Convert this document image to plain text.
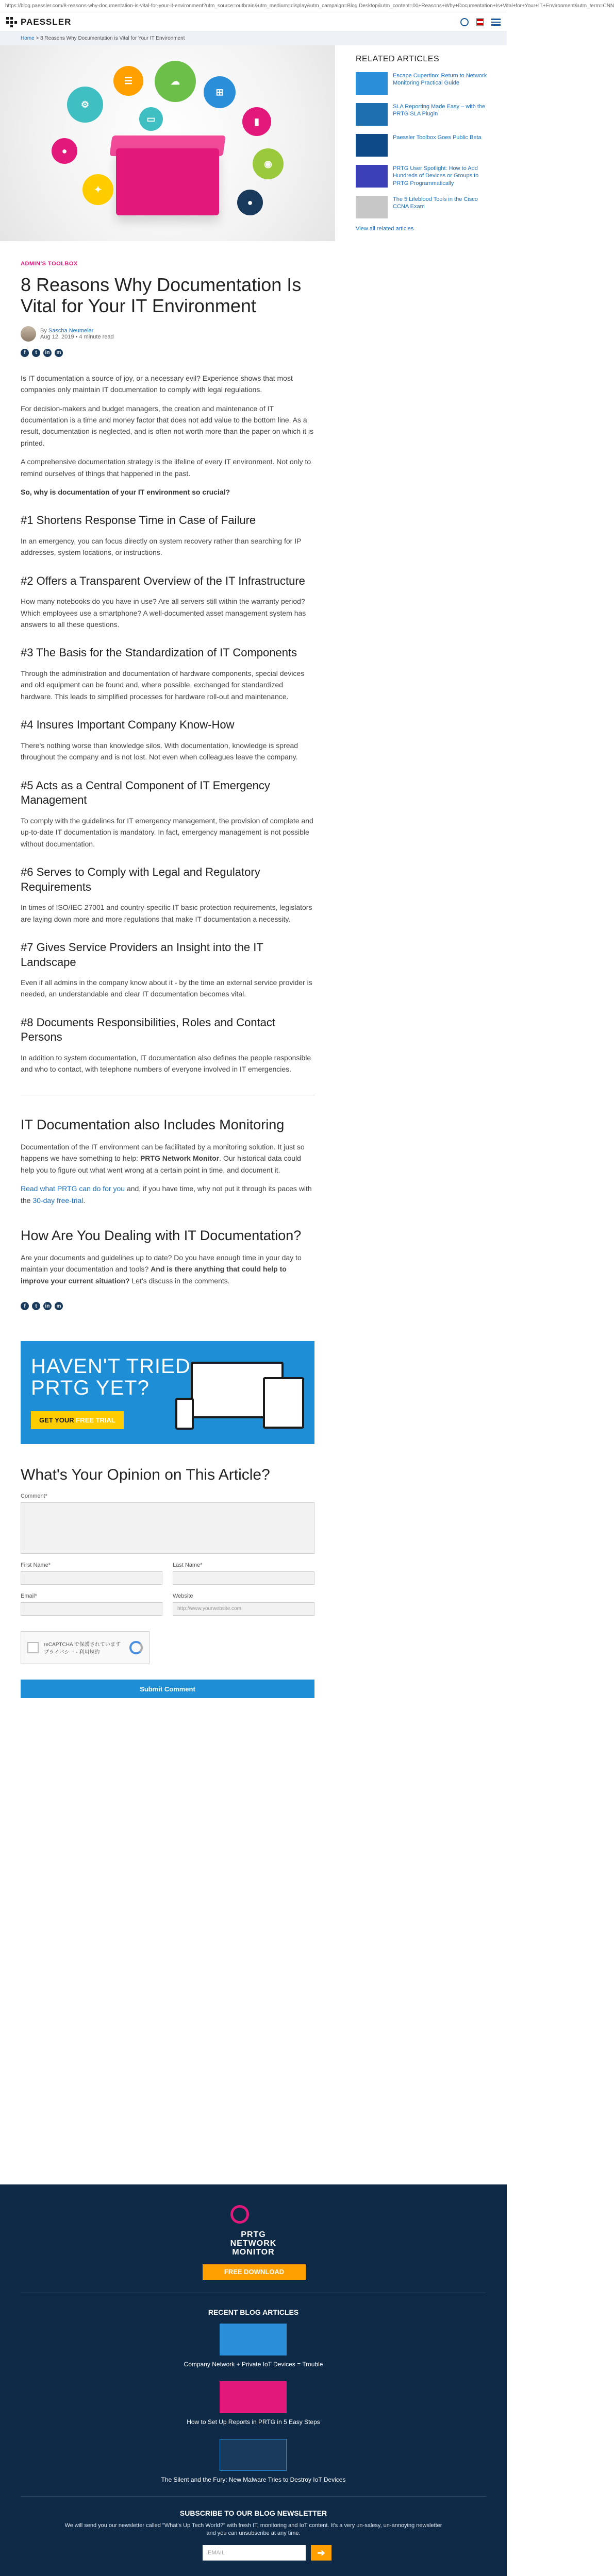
https://blog.paessler.com/8-reasons-why-documentation-is-vital-for-your-it-environment?utm_source=outbrain&utm_medium=display&utm_campaign=Blog.Desktop&utm_content=00+Reasons+Why+Documentation+Is+Vital+for+Your+IT+Environment&utm_term=CNN
PAESSLER
Home > 8 Reasons Why Documentation is Vital for Your IT Environment
⚙
☰	☁
⊞
▮
●
✦
◉
●
▭
ADMIN'S TOOLBOX
8 Reasons Why Documentation Is Vital for Your IT Environment
By Sascha Neumeier
Aug 12, 2019 • 4 minute read
f	t	in	m

Is IT documentation a source of joy, or a necessary evil? Experience shows that most companies only maintain IT documentation to comply with legal regulations.

For decision-makers and budget managers, the creation and maintenance of IT documentation is a time and money factor that does not add value to the bottom line. As a result, documentation is neglected, and is often not worth more than the paper on which it is printed.

A comprehensive documentation strategy is the lifeline of every IT environment. Not only to remind ourselves of things that happened in the past.

So, why is documentation of your IT environment so crucial?

#1 Shortens Response Time in Case of Failure

In an emergency, you can focus directly on system recovery rather than searching for IP addresses, system locations, or instructions.

#2 Offers a Transparent Overview of the IT Infrastructure

How many notebooks do you have in use? Are all servers still within the warranty period? Which employees use a smartphone? A well-documented asset management system has answers to all these questions.

#3 The Basis for the Standardization of IT Components

Through the administration and documentation of hardware components, special devices and old equipment can be found and, where possible, exchanged for standardized hardware. This leads to simplified processes for hardware roll-out and maintenance.

#4 Insures Important Company Know-How

There's nothing worse than knowledge silos. With documentation, knowledge is spread throughout the company and is not lost. Not even when colleagues leave the company.

#5 Acts as a Central Component of IT Emergency Management

To comply with the guidelines for IT emergency management, the provision of complete and up-to-date IT documentation is mandatory. In fact, emergency management is not possible without documentation.

#6 Serves to Comply with Legal and Regulatory Requirements

In times of ISO/IEC 27001 and country-specific IT basic protection requirements, legislators are laying down more and more regulations that make IT documentation a necessity.

#7 Gives Service Providers an Insight into the IT Landscape

Even if all admins in the company know about it - by the time an external service provider is needed, an understandable and clear IT documentation becomes vital.

#8 Documents Responsibilities, Roles and Contact Persons

In addition to system documentation, IT documentation also defines the people responsible and who to contact, with telephone numbers of everyone involved in IT emergencies.

IT Documentation also Includes Monitoring

Documentation of the IT environment can be facilitated by a monitoring solution. It just so happens we have something to help: PRTG Network Monitor. Our historical data could help you to figure out what went wrong at a certain point in time, and document it.

Read what PRTG can do for you and, if you have time, why not put it through its paces with the 30-day free-trial.

How Are You Dealing with IT Documentation?

Are your documents and guidelines up to date? Do you have enough time in your day to maintain your documentation and tools? And is there anything that could help to improve your current situation? Let's discuss in the comments.

f	t	in	m
HAVEN'T TRIED
PRTG YET?
GET YOUR FREE TRIAL
What's Your Opinion on This Article?
Comment*
First Name*	Last Name*
Email*	Website
http://www.yourwebsite.com
reCAPTCHA で保護されています
プライバシー - 利用規約
Submit Comment
RELATED ARTICLES
Escape Cupertino: Return to Network Monitoring Practical Guide
SLA Reporting Made Easy – with the PRTG SLA Plugin
Paessler Toolbox Goes Public Beta
PRTG User Spotlight: How to Add Hundreds of Devices or Groups to PRTG Programmatically
The 5 Lifeblood Tools in the Cisco CCNA Exam
View all related articles
PRTG
NETWORK
MONITOR
FREE DOWNLOAD
RECENT BLOG ARTICLES
Company Network + Private IoT Devices = Trouble
How to Set Up Reports in PRTG in 5 Easy Steps
The Silent and the Fury: New Malware Tries to Destroy IoT Devices
SUBSCRIBE TO OUR BLOG NEWSLETTER
We will send you our newsletter called "What's Up Tech World?" with fresh IT, monitoring and IoT content. It's a very un-salesy, un-annoying newsletter and you can unsubscribe at any time.
EMAIL	➔
